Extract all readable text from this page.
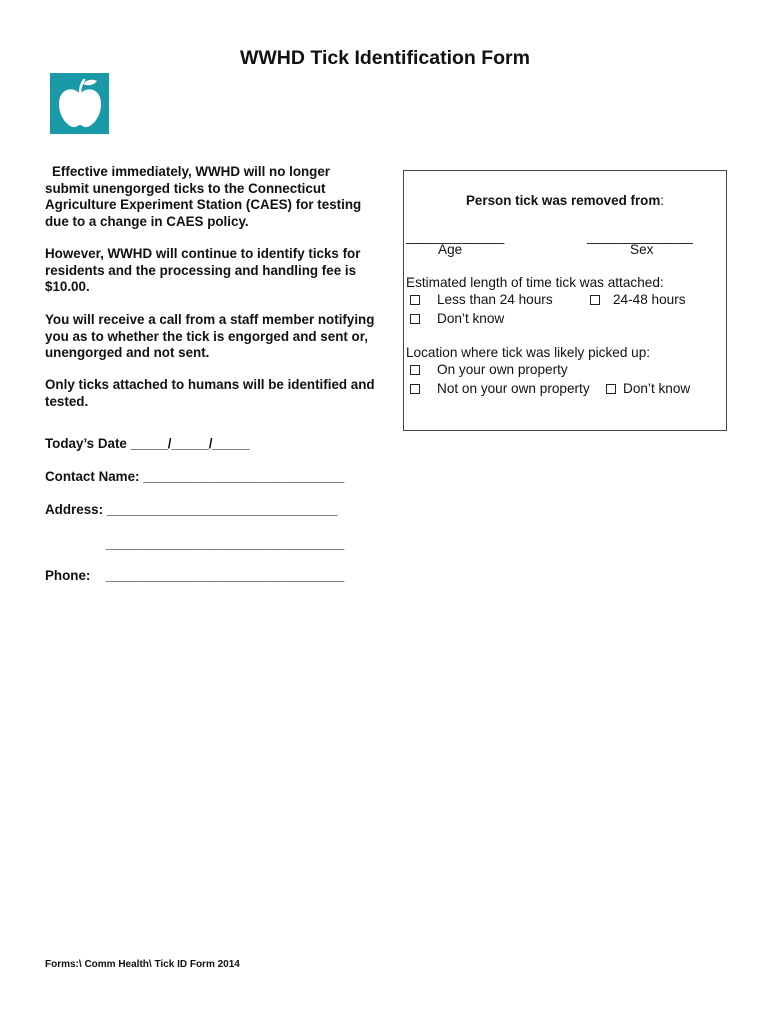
WWHD Tick Identification Form
Effective immediately, WWHD will no longer submit unengorged ticks to the Connecticut Agriculture Experiment Station (CAES) for testing due to a change in CAES policy.
However, WWHD will continue to identify ticks for residents and the processing and handling fee is $10.00.
You will receive a call from a staff member notifying you as to whether the tick is engorged and sent or, unengorged and not sent.
Only ticks attached to humans will be identified and tested.
Today’s Date _____/_____/_____
Contact Name: ___________________________
Address: _______________________________
________________________________
Phone: ________________________________
Person tick was removed from:
_____________	______________
Age	Sex
Estimated length of time tick was attached:
Less than 24 hours	24-48 hours
Don’t know
Location where tick was likely picked up:
On your own property
Not on your own property Don’t know
Forms:\ Comm Health\ Tick ID Form 2014
